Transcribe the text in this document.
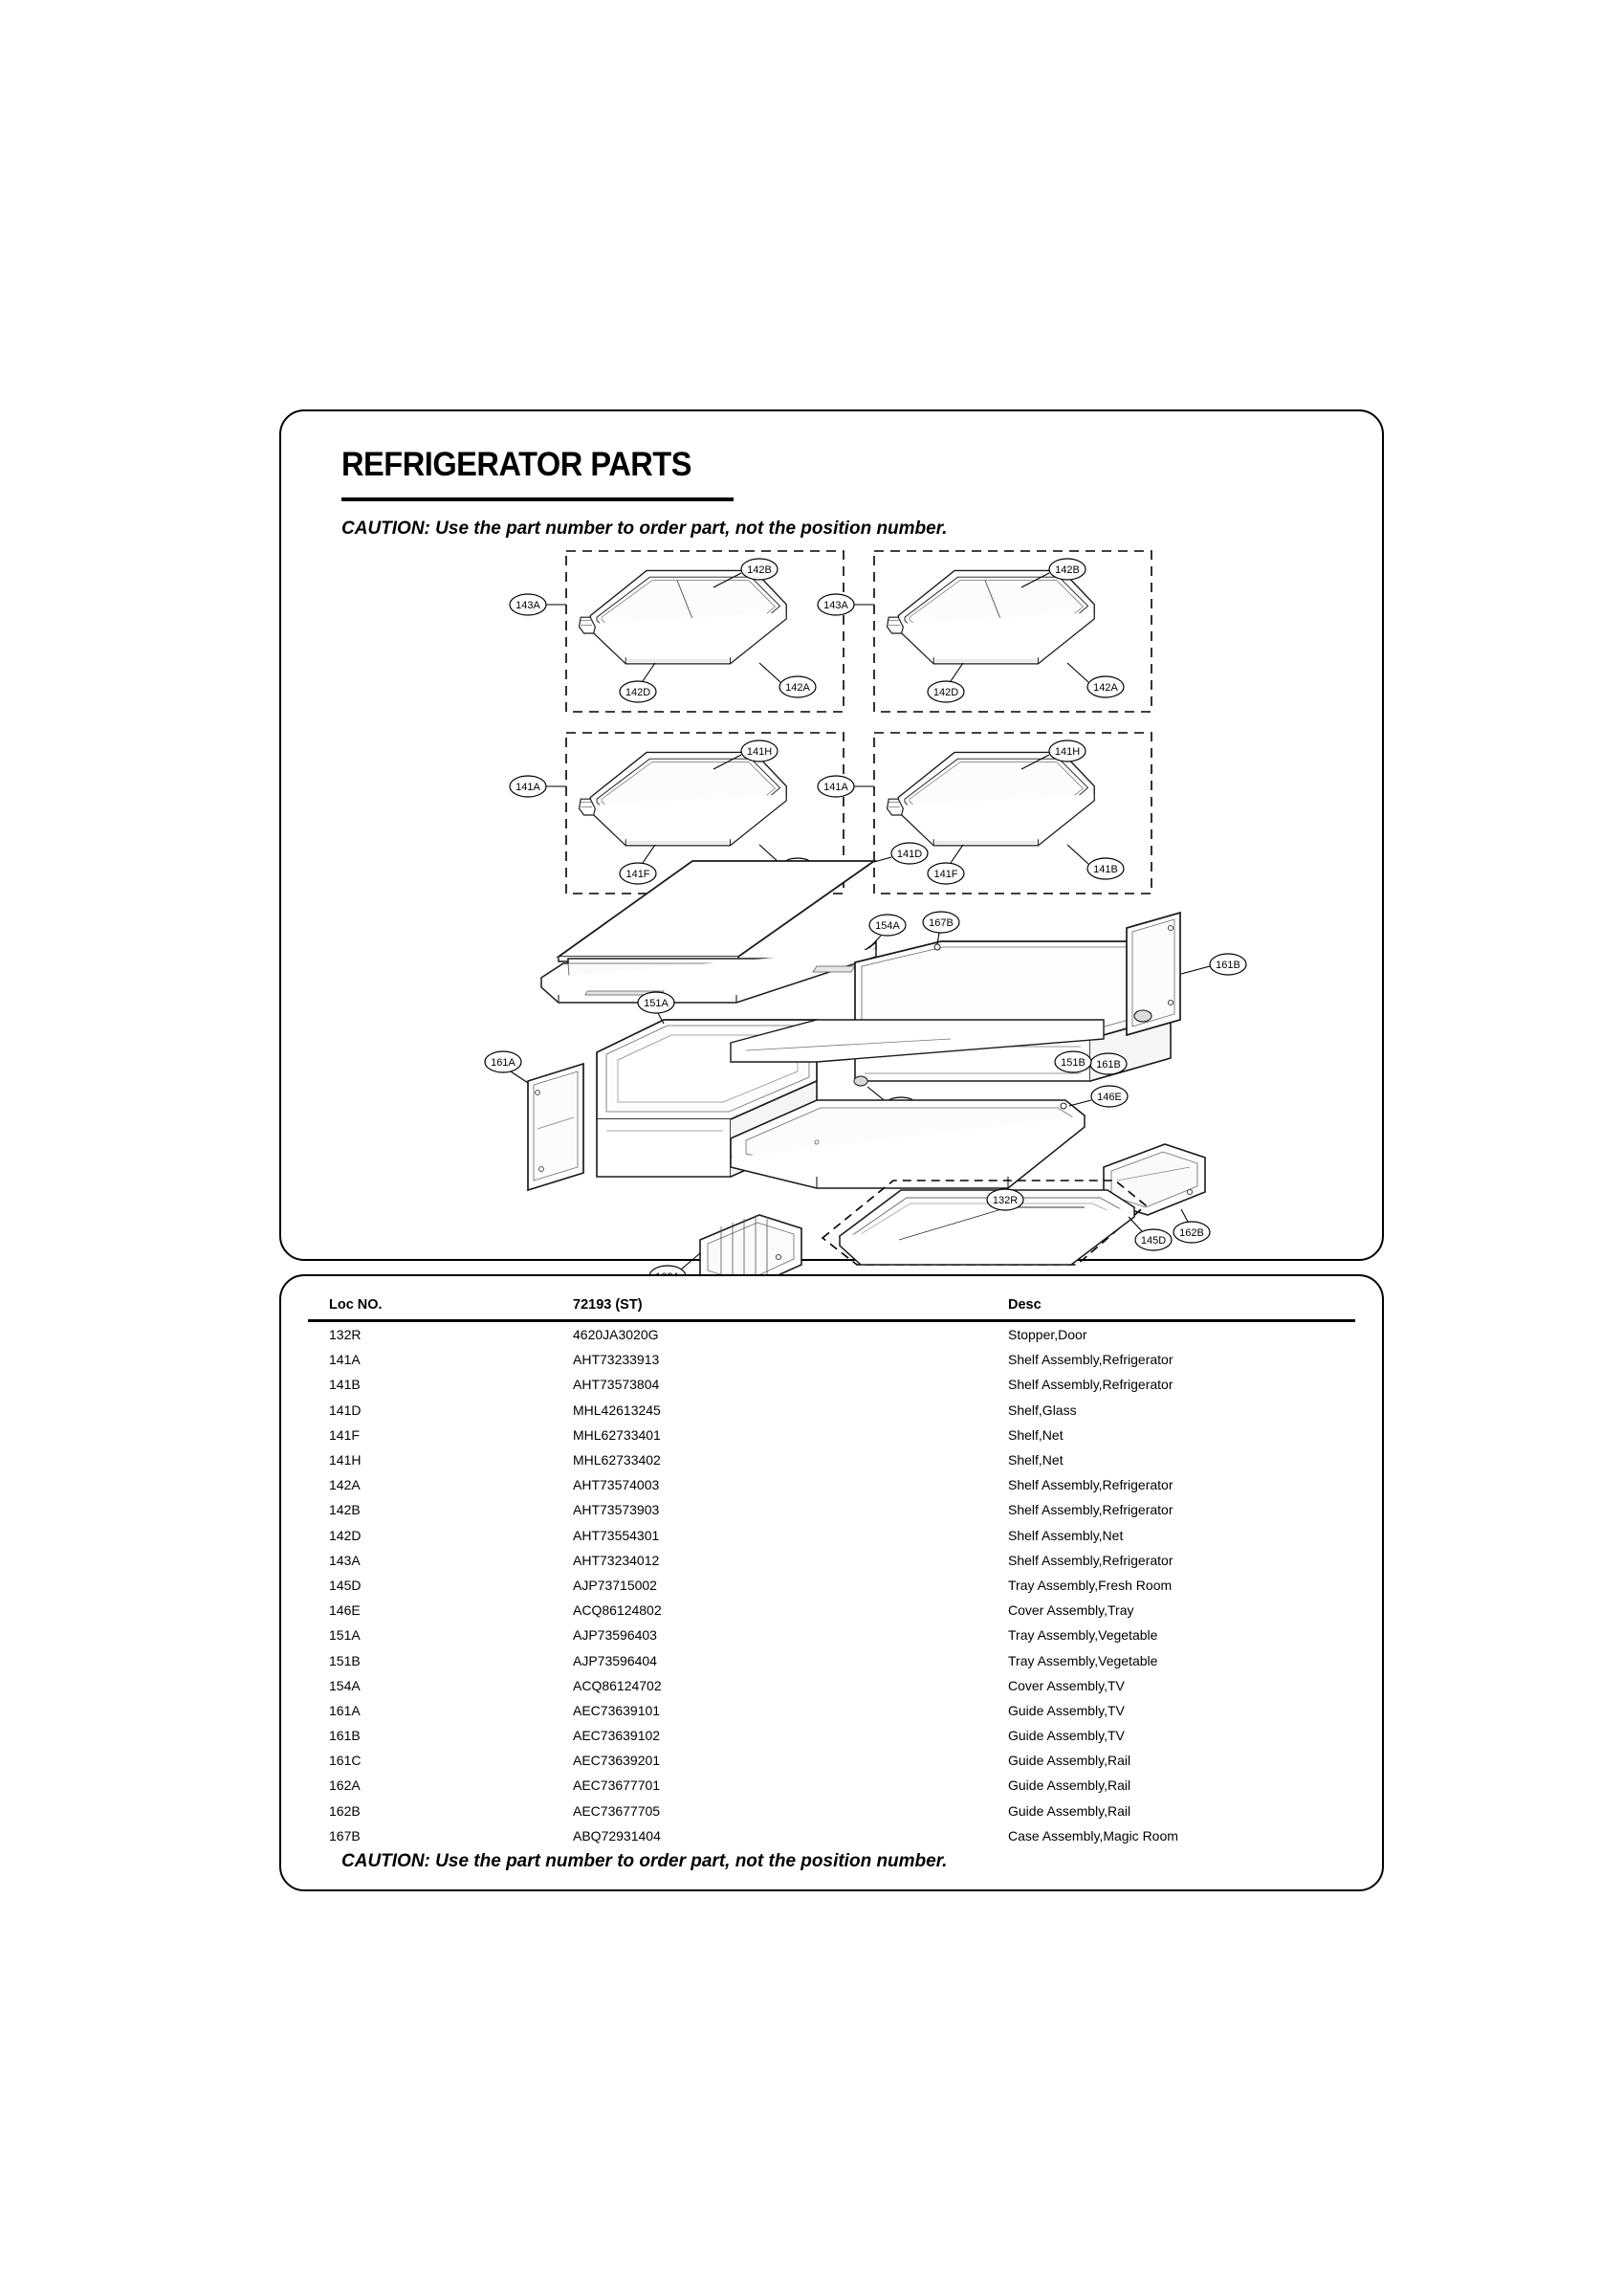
REFRIGERATOR PARTS
CAUTION: Use the part number to order part, not the position number.
143A
142B
142D	142A
143A
142B
142D	142A
141A
141H
141F
141A
141H
141F	141B
141D
154A	167B
161B
161B
151A
151B
161A
146E
162B
132R
145D
Loc NO.	72193 (ST)	Desc
132R	4620JA3020G	Stopper,Door
141A	AHT73233913	Shelf Assembly,Refrigerator
141B	AHT73573804	Shelf Assembly,Refrigerator
141D	MHL42613245	Shelf,Glass
141F	MHL62733401	Shelf,Net
141H	MHL62733402	Shelf,Net
142A	AHT73574003	Shelf Assembly,Refrigerator
142B	AHT73573903	Shelf Assembly,Refrigerator
142D	AHT73554301	Shelf Assembly,Net
143A	AHT73234012	Shelf Assembly,Refrigerator
145D	AJP73715002	Tray Assembly,Fresh Room
146E	ACQ86124802	Cover Assembly,Tray
151A	AJP73596403	Tray Assembly,Vegetable
151B	AJP73596404	Tray Assembly,Vegetable
154A	ACQ86124702	Cover Assembly,TV
161A	AEC73639101	Guide Assembly,TV
161B	AEC73639102	Guide Assembly,TV
161C	AEC73639201	Guide Assembly,Rail
162A	AEC73677701	Guide Assembly,Rail
162B	AEC73677705	Guide Assembly,Rail
167B	ABQ72931404	Case Assembly,Magic Room
CAUTION: Use the part number to order part, not the position number.
